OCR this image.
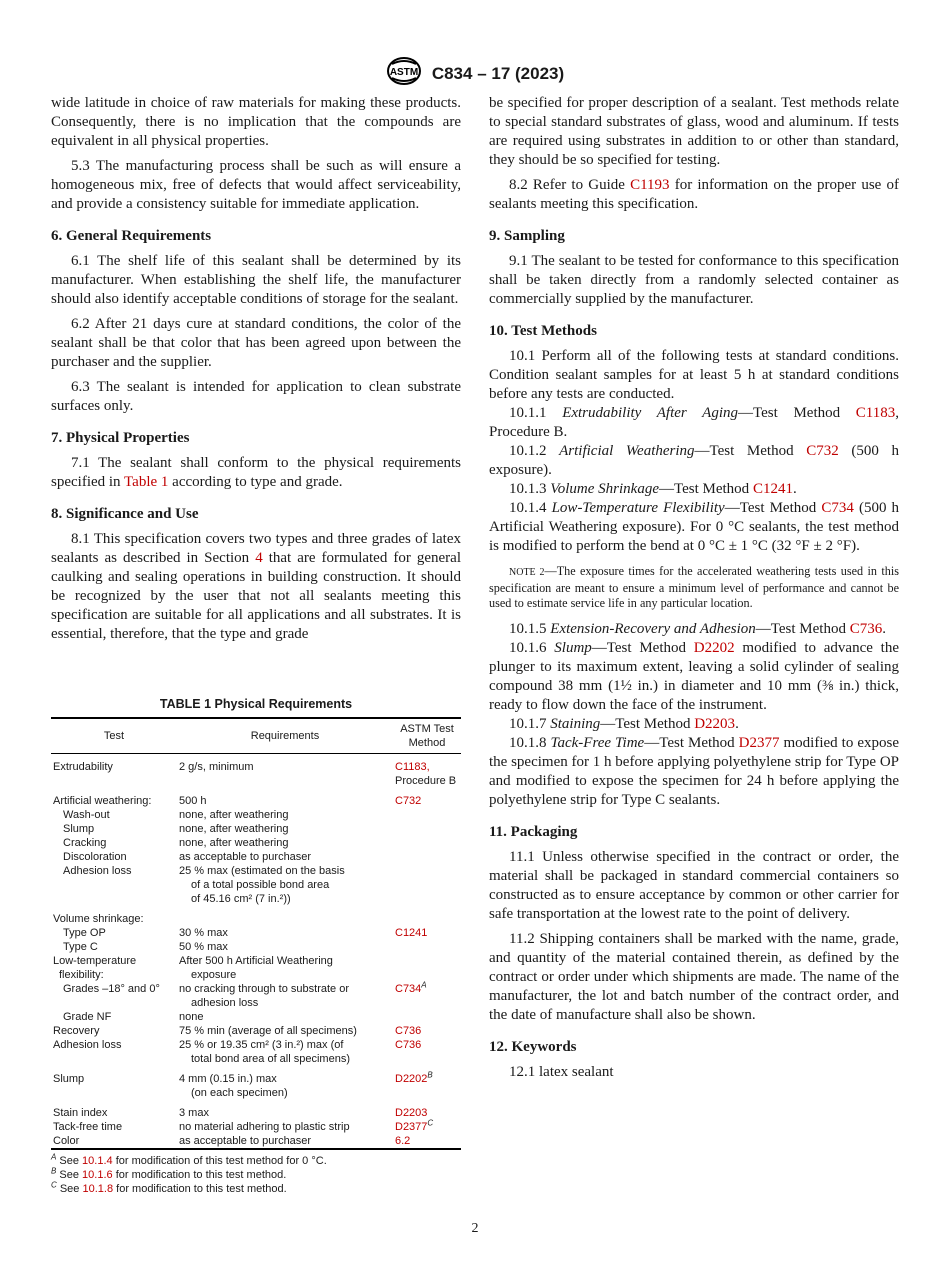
ASTM C834 – 17 (2023)

wide latitude in choice of raw materials for making these products. Consequently, there is no implication that the compounds are equivalent in all physical properties.

5.3 The manufacturing process shall be such as will ensure a homogeneous mix, free of defects that would affect serviceability, and provide a consistency suitable for immediate application.

6. General Requirements

6.1 The shelf life of this sealant shall be determined by its manufacturer. When establishing the shelf life, the manufacturer should also identify acceptable conditions of storage for the sealant.

6.2 After 21 days cure at standard conditions, the color of the sealant shall be that color that has been agreed upon between the purchaser and the supplier.

6.3 The sealant is intended for application to clean substrate surfaces only.

7. Physical Properties

7.1 The sealant shall conform to the physical requirements specified in Table 1 according to type and grade.

8. Significance and Use

8.1 This specification covers two types and three grades of latex sealants as described in Section 4 that are formulated for general caulking and sealing operations in building construction. It should be recognized by the user that not all sealants meeting this specification are suitable for all applications and all substrates. It is essential, therefore, that the type and grade

TABLE 1 Physical Requirements
Test	Requirements	ASTM Test Method
Extrudability	2 g/s, minimum	C1183,
Procedure B
Artificial weathering:	500 h	C732
Wash-out	none, after weathering	
Slump	none, after weathering	
Cracking	none, after weathering	
Discoloration	as acceptable to purchaser	
Adhesion loss	25 % max (estimated on the basis
of a total possible bond area
of 45.16 cm² (7 in.²))	

Volume shrinkage:		
Type OP	30 % max	C1241
Type C	50 % max	
Low-temperature
flexibility:	After 500 h Artificial Weathering
exposure	

Grades –18° and 0°	no cracking through to substrate or
adhesion loss	$C734^A$
Grade NF	none	
Recovery	75 % min (average of all specimens)	C736
Adhesion loss	25 % or 19.35 cm² (3 in.²) max (of
total bond area of all specimens)	C736
Slump	4 mm (0.15 in.) max
(on each specimen)	$D2202^B$
Stain index	3 max	D2203
Tack-free time	no material adhering to plastic strip	$D2377^C$
Color	as acceptable to purchaser	6.2
$^A$ See 10.1.4 for modification of this test method for 0 °C.
$^B$ See 10.1.6 for modification to this test method.
$^C$ See 10.1.8 for modification to this test method.

be specified for proper description of a sealant. Test methods relate to special standard substrates of glass, wood and aluminum. If tests are required using substrates in addition to or other than standard, they should be so specified for testing.

8.2 Refer to Guide C1193 for information on the proper use of sealants meeting this specification.

9. Sampling

9.1 The sealant to be tested for conformance to this specification shall be taken directly from a randomly selected container as commercially supplied by the manufacturer.

10. Test Methods

10.1 Perform all of the following tests at standard conditions. Condition sealant samples for at least 5 h at standard conditions before any tests are conducted.

10.1.1 Extrudability After Aging—Test Method C1183, Procedure B.

10.1.2 Artificial Weathering—Test Method C732 (500 h exposure).

10.1.3 Volume Shrinkage—Test Method C1241.

10.1.4 Low-Temperature Flexibility—Test Method C734 (500 h Artificial Weathering exposure). For 0 °C sealants, the test method is modified to perform the bend at 0 °C ± 1 °C (32 °F ± 2 °F).

NOTE 2—The exposure times for the accelerated weathering tests used in this specification are meant to ensure a minimum level of performance and cannot be used to estimate service life in any particular location.

10.1.5 Extension-Recovery and Adhesion—Test Method C736.

10.1.6 Slump—Test Method D2202 modified to advance the plunger to its maximum extent, leaving a solid cylinder of sealing compound 38 mm (1½ in.) in diameter and 10 mm (⅜ in.) thick, ready to flow down the face of the instrument.

10.1.7 Staining—Test Method D2203.

10.1.8 Tack-Free Time—Test Method D2377 modified to expose the specimen for 1 h before applying polyethylene strip for Type OP and modified to expose the specimen for 24 h before applying the polyethylene strip for Type C sealants.

11. Packaging

11.1 Unless otherwise specified in the contract or order, the material shall be packaged in standard commercial containers so constructed as to ensure acceptance by common or other carrier for safe transportation at the lowest rate to the point of delivery.

11.2 Shipping containers shall be marked with the name, grade, and quantity of the material contained therein, as defined by the contract or order under which shipments are made. The name of the manufacturer, the lot and batch number of the contract order, and the date of manufacture shall also be shown.

12. Keywords

12.1 latex sealant

2
